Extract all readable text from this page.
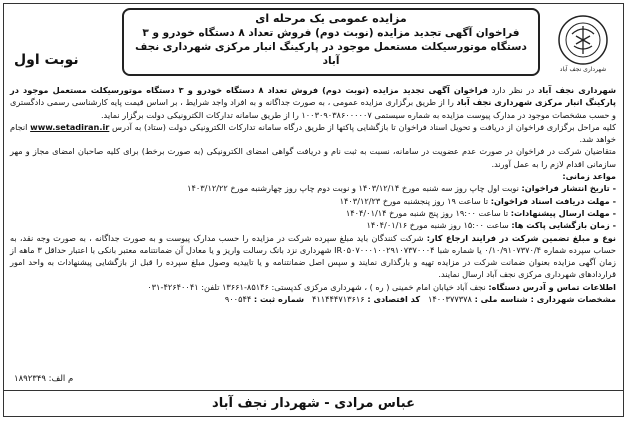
مزایده عمومی یک مرحله ای
فراخوان آگهی تجدید مزایده (نوبت دوم) فروش تعداد ۸ دستگاه خودرو و ۳ دستگاه موتورسیکلت مستعمل موجود در پارکینگ انبار مرکزی شهرداری نجف آباد
نوبت اول
شهرداری نجف آباد

شهرداری نجف آباد در نظر دارد فراخوان آگهی تجدید مزایده (نوبت دوم) فروش تعداد ۸ دستگاه خودرو و ۳ دستگاه موتورسیکلت مستعمل موجود در پارکینگ انبار مرکزی شهرداری نجف آباد را از طریق برگزاری مزایده عمومی ، به صورت جداگانه و به افراد واجد شرایط ، بر اساس قیمت پایه کارشناسی رسمی دادگستری و حسب مشخصات موجود در مدارک پیوست مزایده به شماره سیستمی ۱۰۰۳۰۹۰۳۸۶۰۰۰۰۰۷ را از طریق سامانه تدارکات الکترونیکی دولت برگزار نماید.

کلیه مراحل برگزاری فراخوان از دریافت و تحویل اسناد فراخوان تا بازگشایی پاکتها از طریق درگاه سامانه تدارکات الکترونیکی دولت (ستاد) به آدرس www.setadiran.ir انجام خواهد شد.

متقاضیان شرکت در فراخوان در صورت عدم عضویت در سامانه، نسبت به ثبت نام و دریافت گواهی امضای الکترونیکی (به صورت برخط) برای کلیه صاحبان امضای مجاز و مهر سازمانی اقدام لازم را به عمل آورند.

مواعد زمانی:

- تاریخ انتشار فراخوان: نوبت اول چاپ روز سه شنبه مورخ ۱۴۰۳/۱۲/۱۴ و نوبت دوم چاپ روز چهارشنبه مورخ ۱۴۰۳/۱۲/۲۲

- مهلت دریافت اسناد فراخوان: تا ساعت ۱۹ روز پنجشنبه مورخ ۱۴۰۳/۱۲/۲۳

- مهلت ارسال پیشنهادات: تا ساعت ۱۹:۰۰ روز پنج شنبه مورخ ۱۴۰۴/۰۱/۱۴

- زمان بازگشایی پاکت ها: ساعت ۱۵:۰۰ روز شنبه مورخ ۱۴۰۴/۰۱/۱۶

نوع و مبلغ تضمین شرکت در فرایند ارجاع کار: شرکت کنندگان باید مبلغ سپرده شرکت در مزایده را حسب مدارک پیوست و به صورت جداگانه ، به صورت وجه نقد، به حساب سپرده شماره ۰/۱۰/۹۱۰۷۳۷۰/۴ یا شماره شبا IR۰۵۰۷۰۰۰۱۰۰۲۹۱۰۷۳۷۰۰۰۴ شهرداری نزد بانک رسالت واریز و یا معادل آن ضمانتنامه معتبر بانکی با اعتبار حداقل ۳ ماهه از زمان آگهی مزایده بعنوان ضمانت شرکت در مزایده تهیه و بارگذاری نمایند و سپس اصل ضمانتنامه و یا تاییدیه وصول مبلغ سپرده را قبل از بازگشایی پیشنهادات به واحد امور قراردادهای شهرداری مرکزی نجف آباد ارسال نمایند.

اطلاعات تماس و آدرس دستگاه: نجف آباد خیابان امام خمینی ( ره ) ، شهرداری مرکزی کدپستی: ۸۵۱۴۶-۱۳۶۶۱ تلفن: ۴۲۶۴۰۰۴۱-۰۳۱

مشخصات شهرداری : شناسه ملی : ۱۴۰۰۳۷۷۳۷۸   کد اقتصادی : ۴۱۱۴۴۴۷۱۳۶۱۶   شماره ثبت : ۹۰۰۵۴۴

م الف: ۱۸۹۲۳۴۹
عباس مرادی - شهردار نجف آباد
